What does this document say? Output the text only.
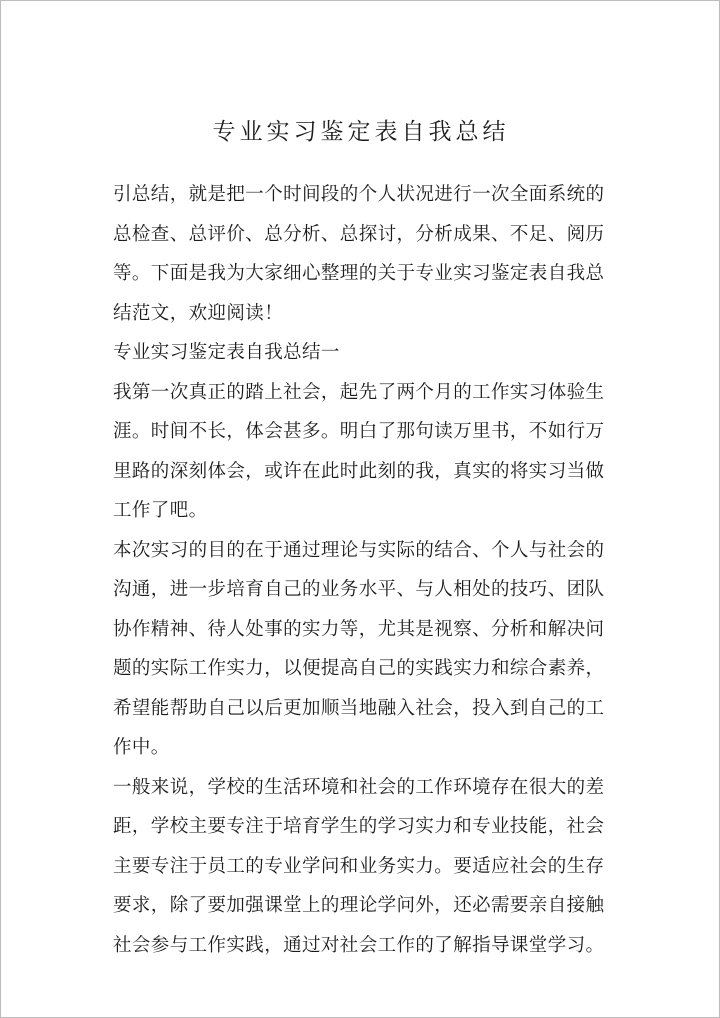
专业实习鉴定表自我总结
引总结，就是把一个时间段的个人状况进行一次全面系统的
总检查、总评价、总分析、总探讨，分析成果、不足、阅历
等。下面是我为大家细心整理的关于专业实习鉴定表自我总
结范文，欢迎阅读！
专业实习鉴定表自我总结一
我第一次真正的踏上社会，起先了两个月的工作实习体验生
涯。时间不长，体会甚多。明白了那句读万里书，不如行万
里路的深刻体会，或许在此时此刻的我，真实的将实习当做
工作了吧。
本次实习的目的在于通过理论与实际的结合、个人与社会的
沟通，进一步培育自己的业务水平、与人相处的技巧、团队
协作精神、待人处事的实力等，尤其是视察、分析和解决问
题的实际工作实力，以便提高自己的实践实力和综合素养，
希望能帮助自己以后更加顺当地融入社会，投入到自己的工
作中。
一般来说，学校的生活环境和社会的工作环境存在很大的差
距，学校主要专注于培育学生的学习实力和专业技能，社会
主要专注于员工的专业学问和业务实力。要适应社会的生存
要求，除了要加强课堂上的理论学问外，还必需要亲自接触
社会参与工作实践，通过对社会工作的了解指导课堂学习。
